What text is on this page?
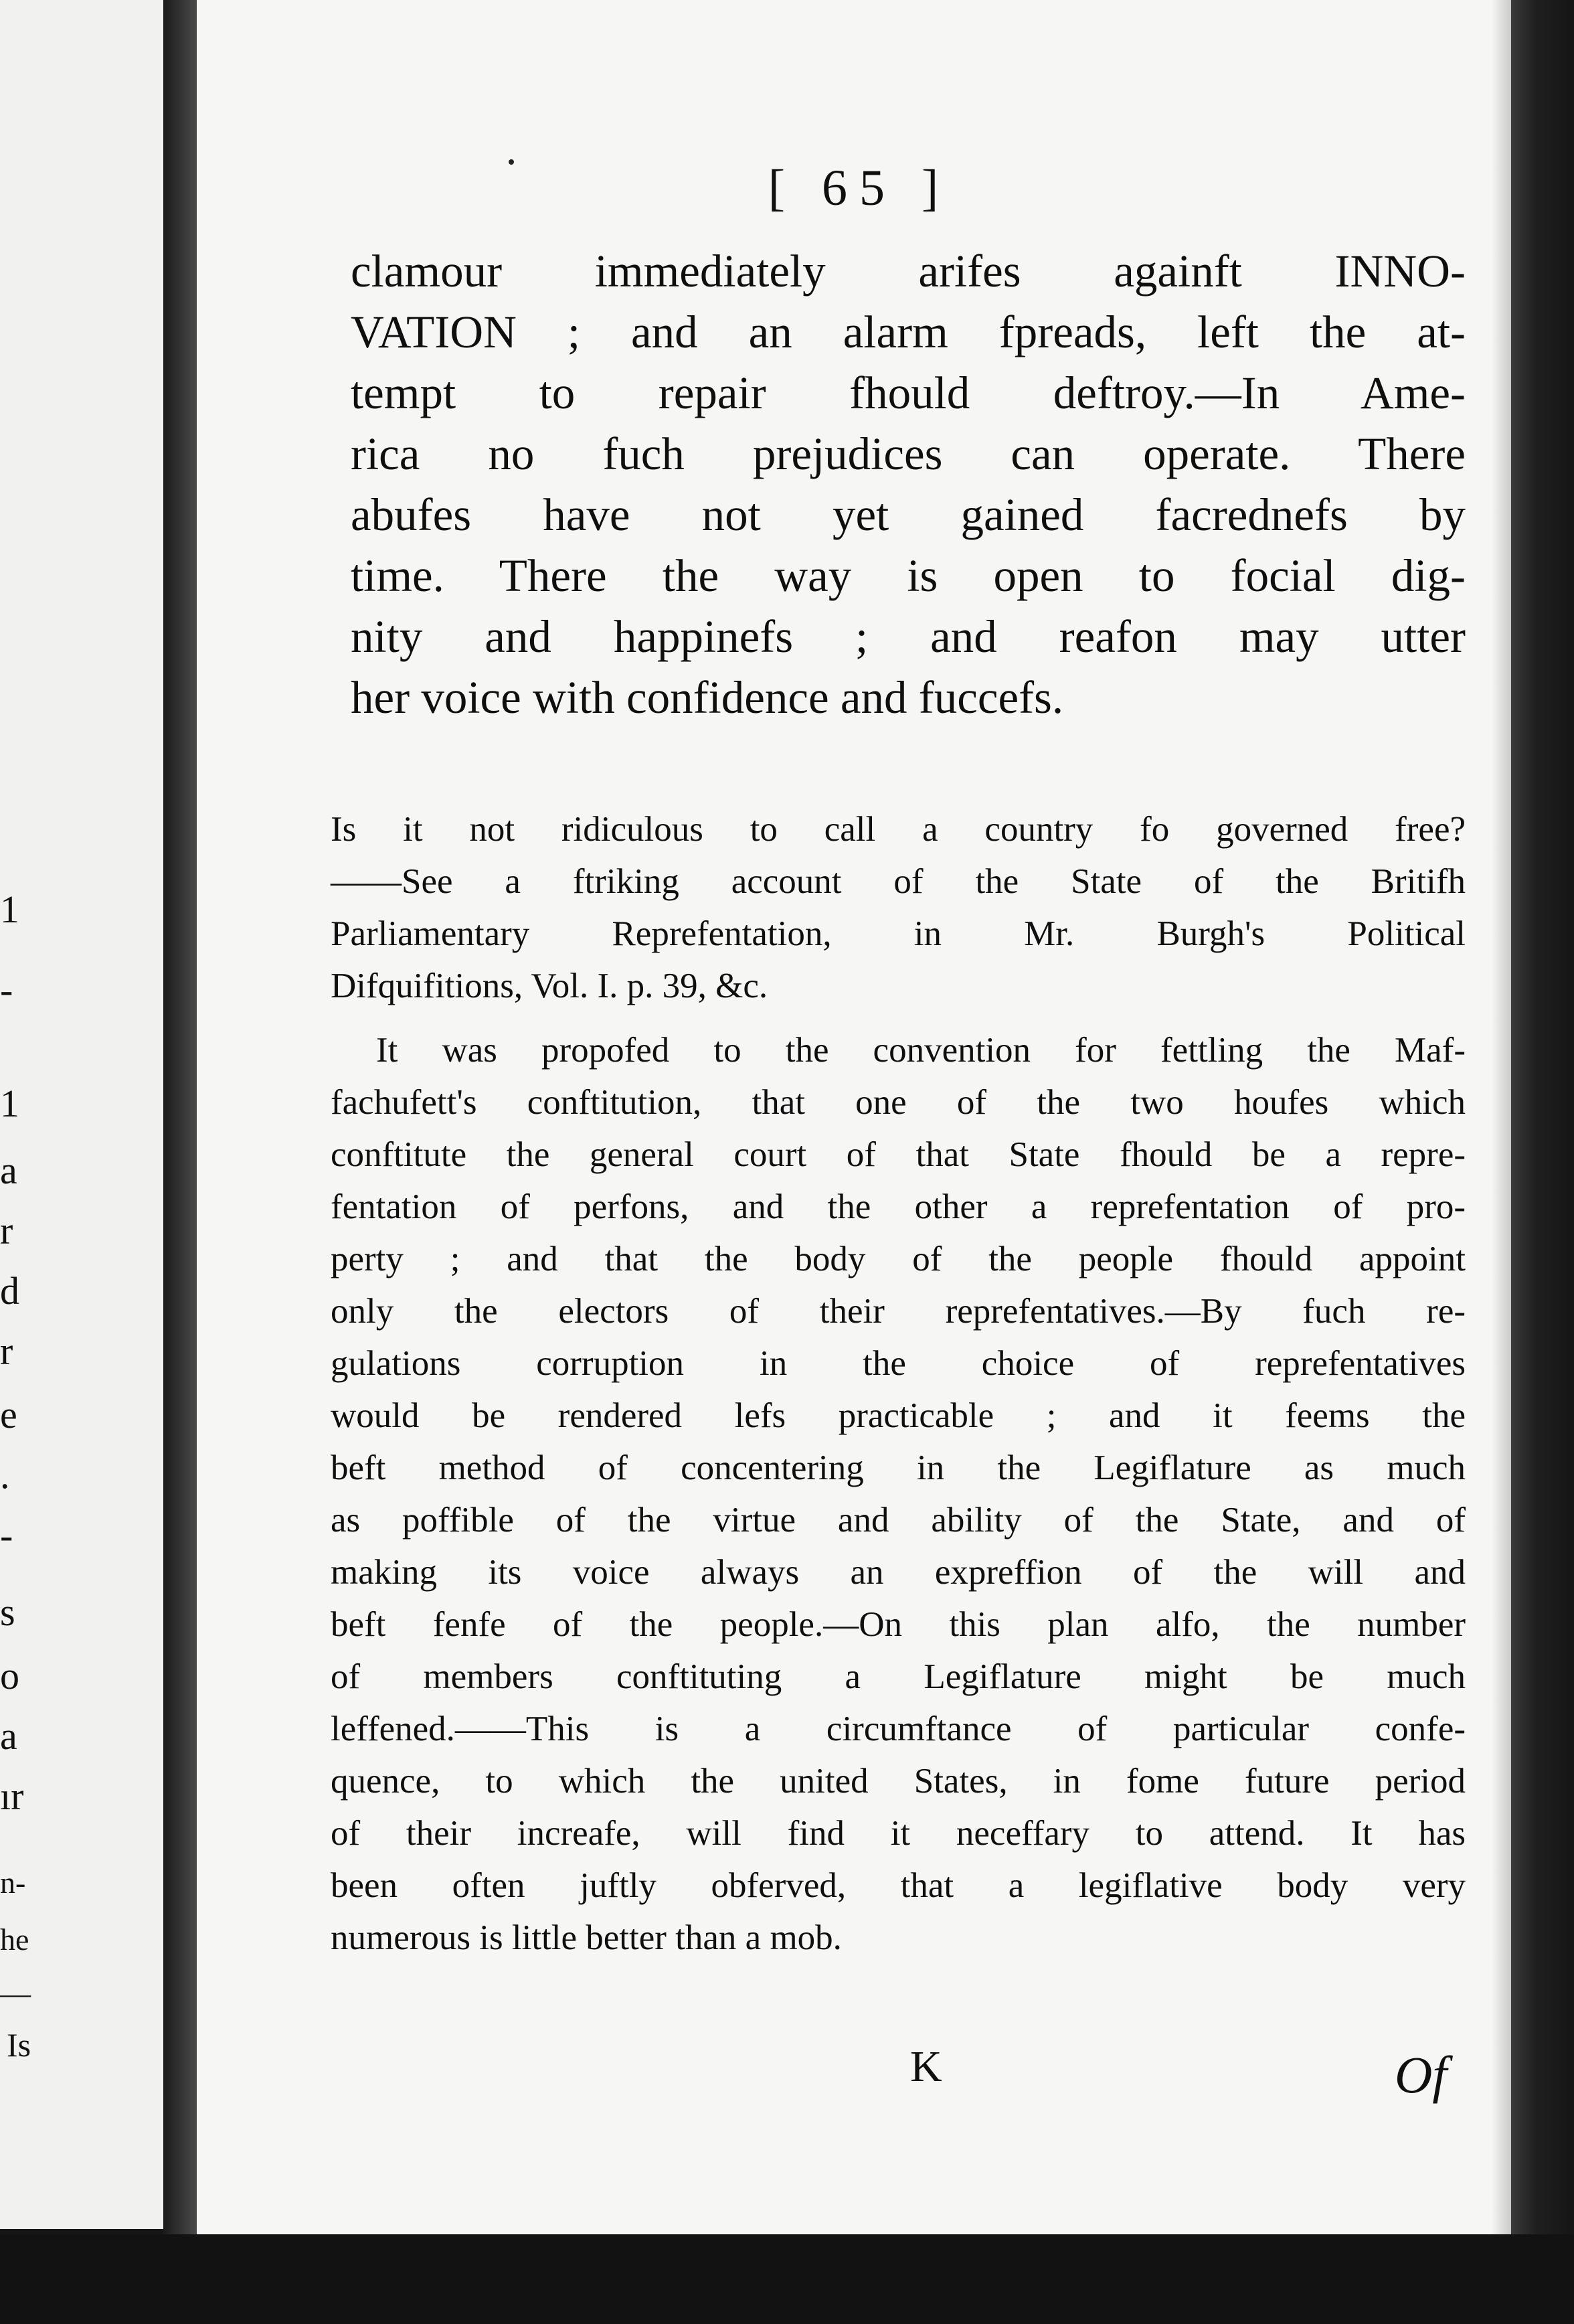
1
-
1
a
r
d
r
e
.
-
s
o
a
ır
n-
he
—
Is
[ 65 ]
clamour immediately arifes againft INNO-
VATION ; and an alarm fpreads, left the at-
tempt to repair fhould deftroy.—In Ame-
rica no fuch prejudices can operate. There
abufes have not yet gained facrednefs by
time. There the way is open to focial dig-
nity and happinefs ; and reafon may utter
her voice with confidence and fuccefs.
Is it not ridiculous to call a country fo governed free?
——See a ftriking account of the State of the Britifh
Parliamentary Reprefentation, in Mr. Burgh's Political
Difquifitions, Vol. I. p. 39, &c.
It was propofed to the convention for fettling the Maf-
fachufett's conftitution, that one of the two houfes which
conftitute the general court of that State fhould be a repre-
fentation of perfons, and the other a reprefentation of pro-
perty ; and that the body of the people fhould appoint
only the electors of their reprefentatives.—By fuch re-
gulations corruption in the choice of reprefentatives
would be rendered lefs practicable ; and it feems the
beft method of concentering in the Legiflature as much
as poffible of the virtue and ability of the State, and of
making its voice always an expreffion of the will and
beft fenfe of the people.—On this plan alfo, the number
of members conftituting a Legiflature might be much
leffened.——This is a circumftance of particular confe-
quence, to which the united States, in fome future period
of their increafe, will find it neceffary to attend. It has
been often juftly obferved, that a legiflative body very
numerous is little better than a mob.
K	Of
